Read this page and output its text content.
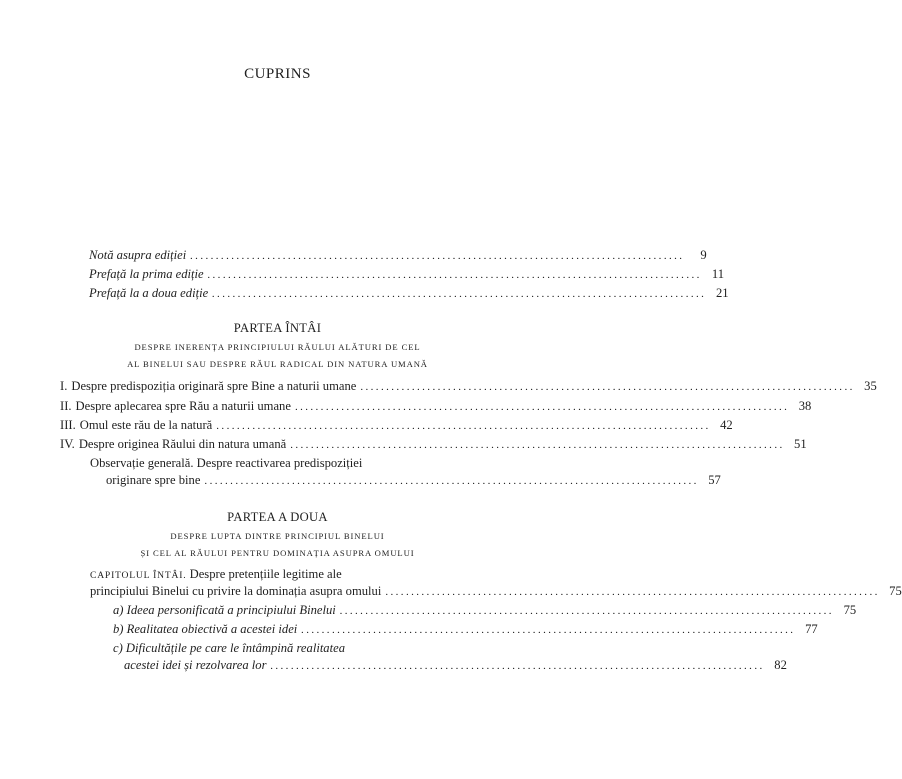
CUPRINS
Notă asupra ediției ................................................................................................	9
Prefață la prima ediție ................................................................................................ 11
Prefață la a doua ediție ................................................................................................ 21
PARTEA ÎNTÂI
DESPRE INERENȚA PRINCIPIULUI RĂULUI ALĂTURI DE CEL
AL BINELUI SAU DESPRE RĂUL RADICAL DIN NATURA UMANĂ
I. Despre predispoziția originară spre Bine a naturii umane ................................................................................................ 35
II. Despre aplecarea spre Rău a naturii umane ................................................................................................ 38
III. Omul este rău de la natură ................................................................................................ 42
IV. Despre originea Răului din natura umană ................................................................................................ 51
Observație generală. Despre reactivarea predispoziției
originare spre bine ................................................................................................ 57
PARTEA A DOUA
DESPRE LUPTA DINTRE PRINCIPIUL BINELUI
ȘI CEL AL RĂULUI PENTRU DOMINAȚIA ASUPRA OMULUI
CAPITOLUL ÎNTÂI. Despre pretențiile legitime ale
principiului Binelui cu privire la dominația asupra omului ................................................................................................ 75
a) Ideea personificată a principiului Binelui ................................................................................................ 75
b) Realitatea obiectivă a acestei idei ................................................................................................ 77
c) Dificultățile pe care le întâmpină realitatea
acestei idei și rezolvarea lor ................................................................................................ 82
